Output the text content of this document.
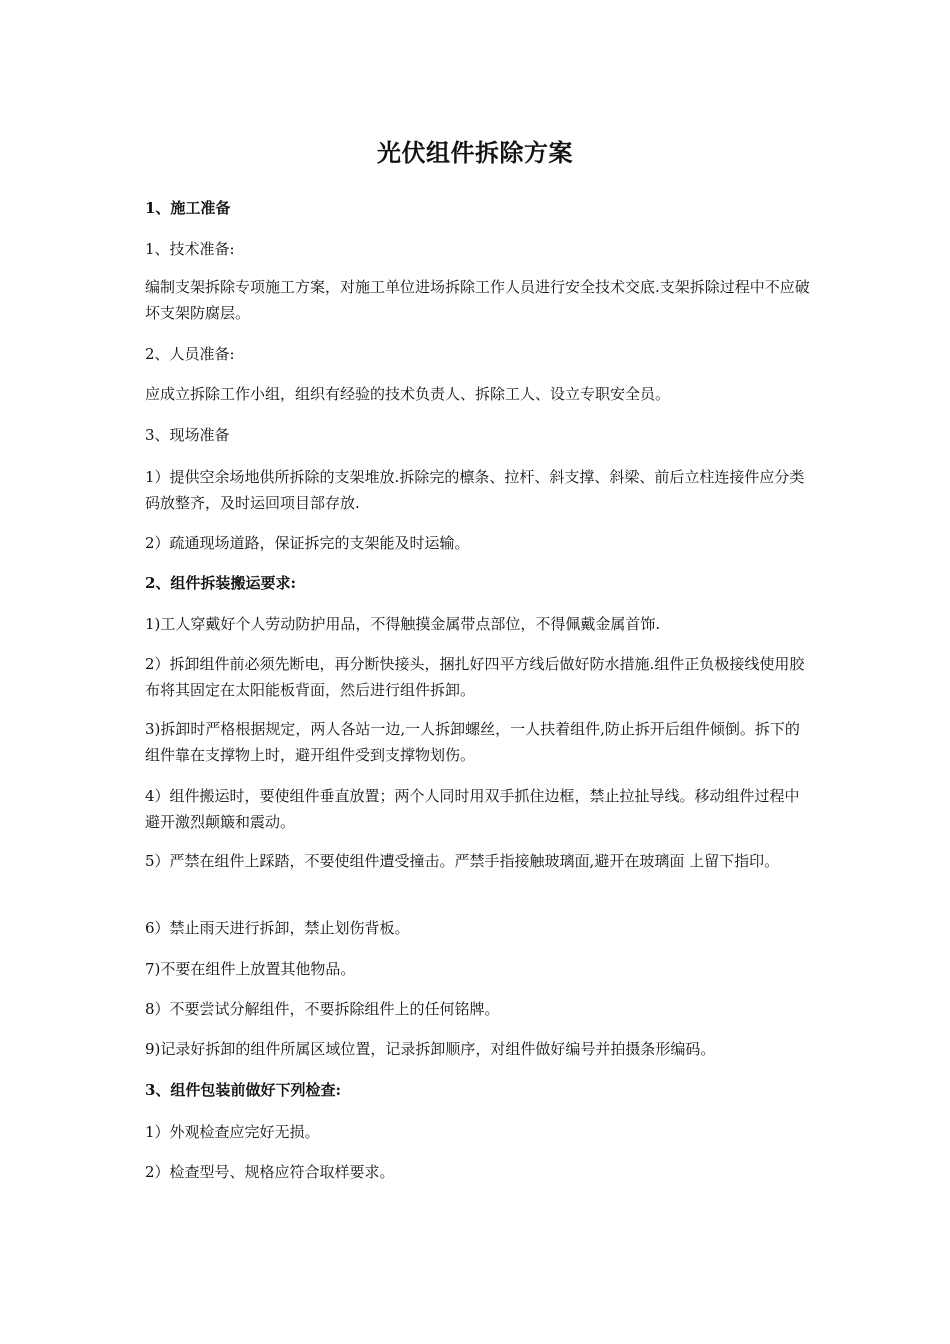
光伏组件拆除方案

1、施工准备

1、技术准备:

编制支架拆除专项施工方案，对施工单位进场拆除工作人员进行安全技术交底.支架拆除过程中不应破坏支架防腐层。

2、人员准备:

应成立拆除工作小组，组织有经验的技术负责人、拆除工人、设立专职安全员。

3、现场准备

1）提供空余场地供所拆除的支架堆放.拆除完的檩条、拉杆、斜支撑、斜梁、前后立柱连接件应分类码放整齐，及时运回项目部存放.

2）疏通现场道路，保证拆完的支架能及时运输。

2、组件拆装搬运要求:

1)工人穿戴好个人劳动防护用品，不得触摸金属带点部位，不得佩戴金属首饰.

2）拆卸组件前必须先断电，再分断快接头，捆扎好四平方线后做好防水措施.组件正负极接线使用胶布将其固定在太阳能板背面，然后进行组件拆卸。

3)拆卸时严格根据规定，两人各站一边,一人拆卸螺丝，一人扶着组件,防止拆开后组件倾倒。拆下的组件靠在支撑物上时，避开组件受到支撑物划伤。

4）组件搬运时，要使组件垂直放置；两个人同时用双手抓住边框，禁止拉扯导线。移动组件过程中避开激烈颠簸和震动。

5）严禁在组件上踩踏，不要使组件遭受撞击。严禁手指接触玻璃面,避开在玻璃面 上留下指印。

6）禁止雨天进行拆卸，禁止划伤背板。

7)不要在组件上放置其他物品。

8）不要尝试分解组件，不要拆除组件上的任何铭牌。

9)记录好拆卸的组件所属区域位置，记录拆卸顺序，对组件做好编号并拍摄条形编码。

3、组件包装前做好下列检查:

1）外观检查应完好无损。

2）检查型号、规格应符合取样要求。
